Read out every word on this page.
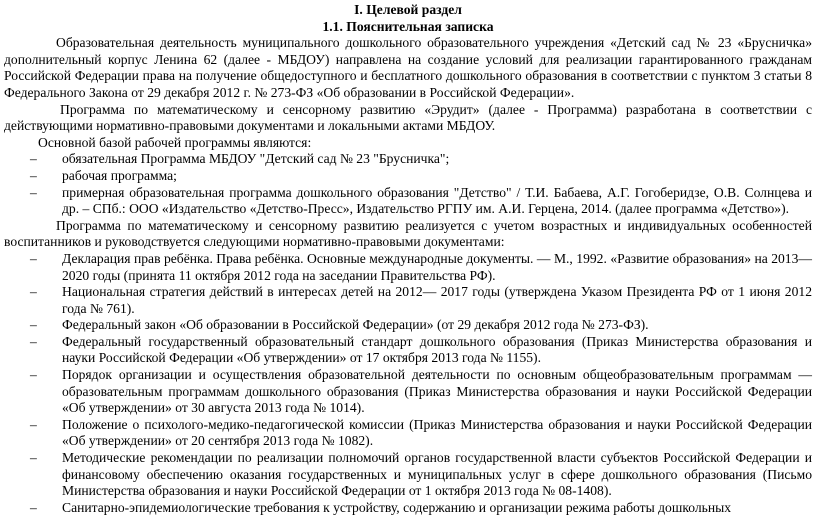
I. Целевой раздел
1.1. Пояснительная записка

Образовательная деятельность муниципального дошкольного образовательного учреждения «Детский сад № 23 «Брусничка» дополнительный корпус Ленина 62 (далее - МБДОУ) направлена на создание условий для реализации гарантированного гражданам Российской Федерации права на получение общедоступного и бесплатного дошкольного образования в соответствии с пунктом 3 статьи 8 Федерального Закона от 29 декабря 2012 г. № 273-ФЗ «Об образовании в Российской Федерации».

Программа по математическому и сенсорному развитию «Эрудит» (далее - Программа) разработана в соответствии с действующими нормативно-правовыми документами и локальными актами МБДОУ.

Основной базой рабочей программы являются:

– обязательная Программа МБДОУ "Детский сад № 23 "Брусничка";
– рабочая программа;
– примерная образовательная программа дошкольного образования "Детство" / Т.И. Бабаева, А.Г. Гогоберидзе, О.В. Солнцева и др. – СПб.: ООО «Издательство «Детство-Пресс», Издательство РГПУ им. А.И. Герцена, 2014. (далее программа «Детство»).

Программа по математическому и сенсорному развитию реализуется с учетом возрастных и индивидуальных особенностей воспитанников и руководствуется следующими нормативно-правовыми документами:

– Декларация прав ребёнка. Права ребёнка. Основные международные документы. — М., 1992. «Развитие образования» на 2013—2020 годы (принята 11 октября 2012 года на заседании Правительства РФ).
– Национальная стратегия действий в интересах детей на 2012— 2017 годы (утверждена Указом Президента РФ от 1 июня 2012 года № 761).
– Федеральный закон «Об образовании в Российской Федерации» (от 29 декабря 2012 года № 273-ФЗ).
– Федеральный государственный образовательный стандарт дошкольного образования (Приказ Министерства образования и науки Российской Федерации «Об утверждении» от 17 октября 2013 года № 1155).
– Порядок организации и осуществления образовательной деятельности по основным общеобразовательным программам — образовательным программам дошкольного образования (Приказ Министерства образования и науки Российской Федерации «Об утверждении» от 30 августа 2013 года № 1014).
– Положение о психолого-медико-педагогической комиссии (Приказ Министерства образования и науки Российской Федерации «Об утверждении» от 20 сентября 2013 года № 1082).
– Методические рекомендации по реализации полномочий органов государственной власти субъектов Российской Федерации и финансовому обеспечению оказания государственных и муниципальных услуг в сфере дошкольного образования (Письмо Министерства образования и науки Российской Федерации от 1 октября 2013 года № 08-1408).
– Санитарно-эпидемиологические требования к устройству, содержанию и организации режима работы дошкольных
